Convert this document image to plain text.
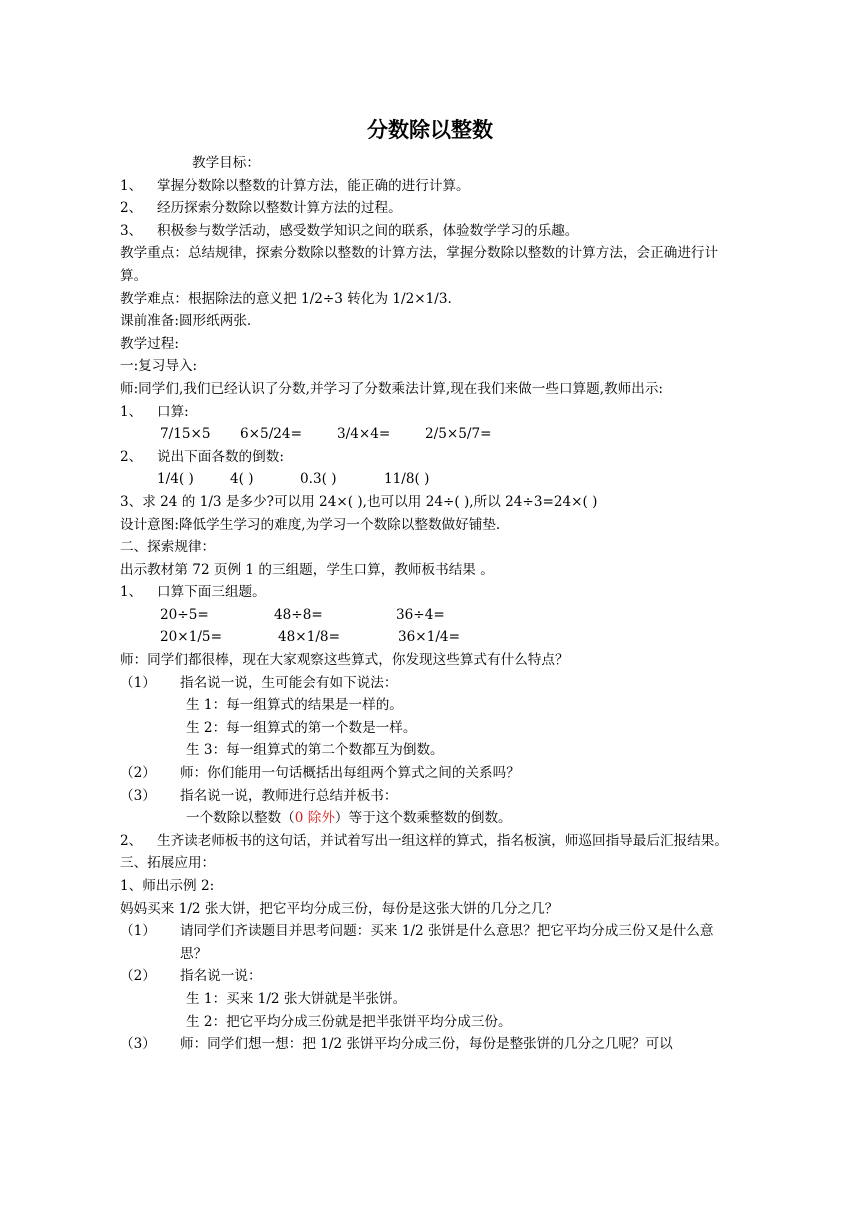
分数除以整数
教学目标：
1、 掌握分数除以整数的计算方法，能正确的进行计算。
2、 经历探索分数除以整数计算方法的过程。
3、 积极参与数学活动，感受数学知识之间的联系，体验数学学习的乐趣。
教学重点：总结规律，探索分数除以整数的计算方法，掌握分数除以整数的计算方法，会正确进行计算。
教学难点：根据除法的意义把 1/2÷3 转化为 1/2×1/3.
课前准备:圆形纸两张.
教学过程:
一:复习导入:
师:同学们,我们已经认识了分数,并学习了分数乘法计算,现在我们来做一些口算题,教师出示:
1、 口算:
7/15×5 6×5/24=	3/4×4=	2/5×5/7=
2、 说出下面各数的倒数:
1/4( )	4( )	0.3( )	11/8( )
3、求 24 的 1/3 是多少?可以用 24×( ),也可以用 24÷( ),所以 24÷3=24×( )
设计意图:降低学生学习的难度,为学习一个数除以整数做好铺垫.
二、探索规律：
出示教材第 72 页例 1 的三组题，学生口算，教师板书结果 。
1、 口算下面三组题。
20÷5=	48÷8=	36÷4=
20×1/5=	48×1/8=	36×1/4=
师：同学们都很棒，现在大家观察这些算式，你发现这些算式有什么特点？
（1） 指名说一说，生可能会有如下说法：
生 1：每一组算式的结果是一样的。
生 2：每一组算式的第一个数是一样。
生 3：每一组算式的第二个数都互为倒数。
（2） 师：你们能用一句话概括出每组两个算式之间的关系吗？
（3） 指名说一说，教师进行总结并板书：
一个数除以整数（0 除外）等于这个数乘整数的倒数。
2、 生齐读老师板书的这句话，并试着写出一组这样的算式，指名板演，师巡回指导最后汇报结果。
三、拓展应用：
1、师出示例 2:
妈妈买来 1/2 张大饼，把它平均分成三份，每份是这张大饼的几分之几？
（1） 请同学们齐读题目并思考问题：买来 1/2 张饼是什么意思？把它平均分成三份又是什么意思？
（2） 指名说一说：
生 1：买来 1/2 张大饼就是半张饼。
生 2：把它平均分成三份就是把半张饼平均分成三份。
（3） 师：同学们想一想：把 1/2 张饼平均分成三份，每份是整张饼的几分之几呢？可以
